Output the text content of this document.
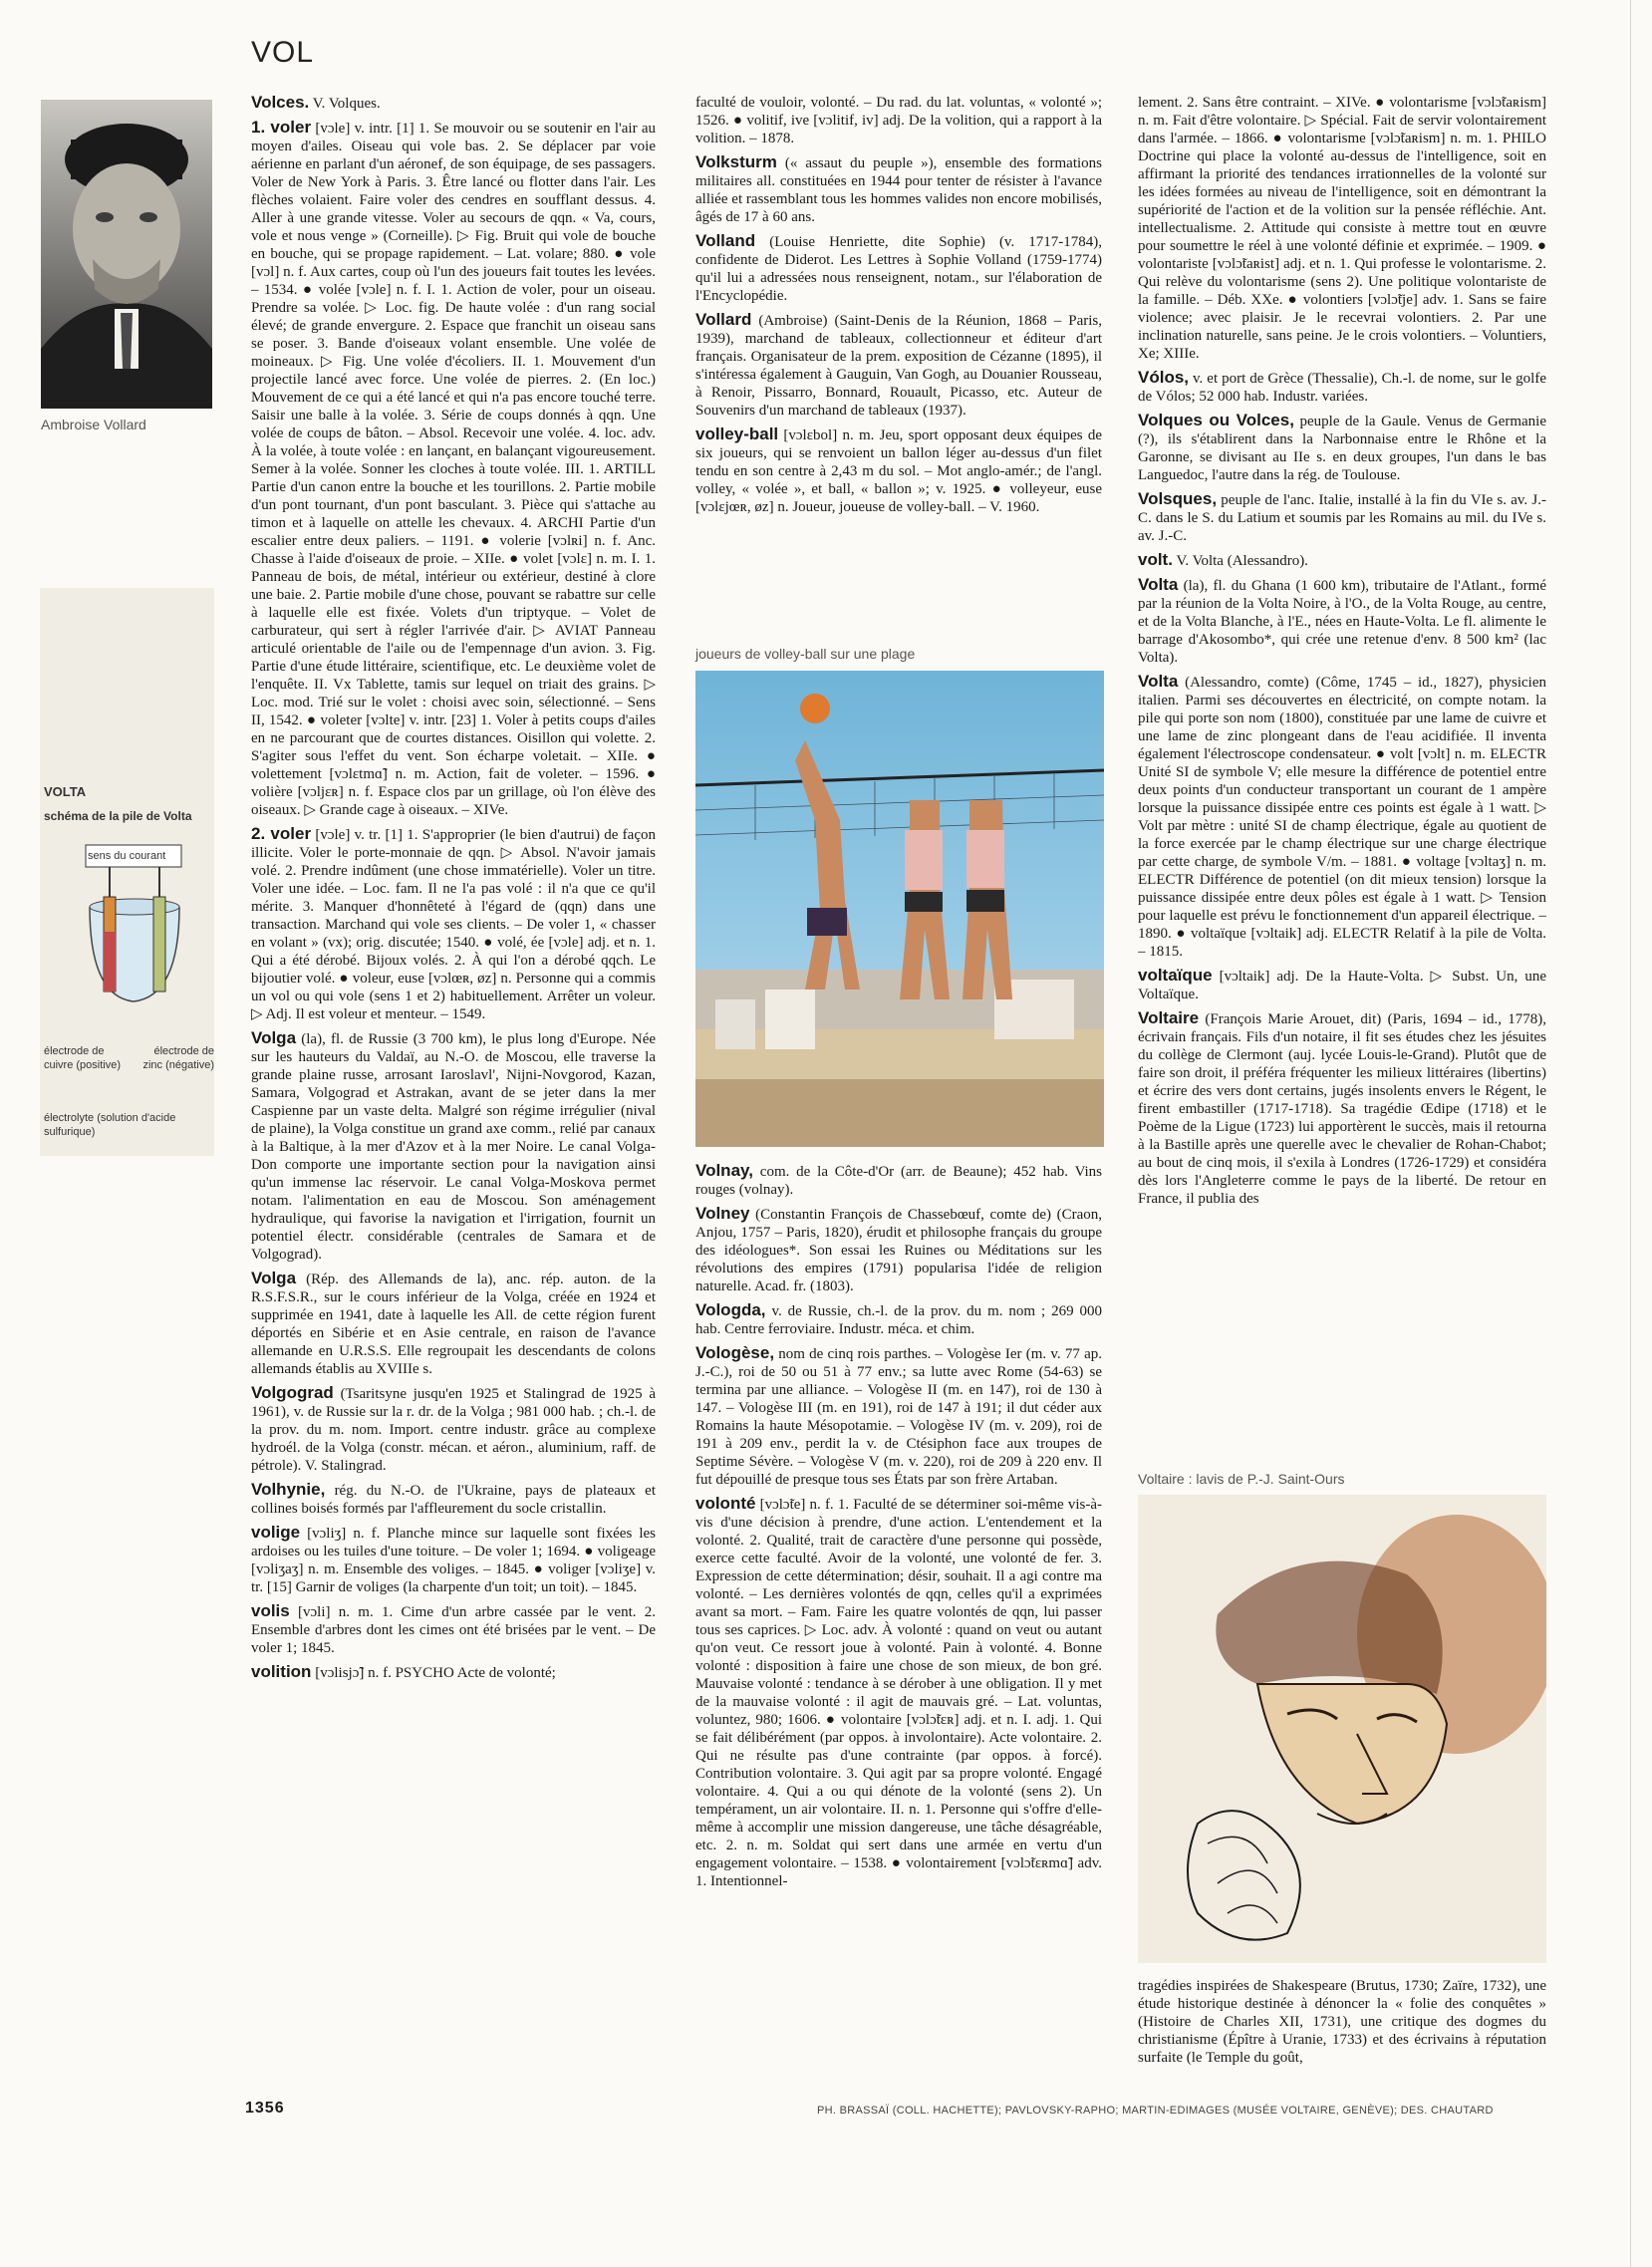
VOL
Ambroise Vollard
VOLTA
schéma de la pile de Volta
sens du courant
électrode de cuivre (positive)
électrode de zinc (négative)
électrolyte (solution d'acide sulfurique)
joueurs de volley-ball sur une plage
Voltaire : lavis de P.-J. Saint-Ours

Volces. V. Volques.

1. voler [vɔle] v. intr. [1] 1. Se mouvoir ou se soutenir en l'air au moyen d'ailes. Oiseau qui vole bas. 2. Se déplacer par voie aérienne en parlant d'un aéronef, de son équipage, de ses passagers. Voler de New York à Paris. 3. Être lancé ou flotter dans l'air. Les flèches volaient. Faire voler des cendres en soufflant dessus. 4. Aller à une grande vitesse. Voler au secours de qqn. « Va, cours, vole et nous venge » (Corneille). ▷ Fig. Bruit qui vole de bouche en bouche, qui se propage rapidement. – Lat. volare; 880. ● vole [vɔl] n. f. Aux cartes, coup où l'un des joueurs fait toutes les levées. – 1534. ● volée [vɔle] n. f. I. 1. Action de voler, pour un oiseau. Prendre sa volée. ▷ Loc. fig. De haute volée : d'un rang social élevé; de grande envergure. 2. Espace que franchit un oiseau sans se poser. 3. Bande d'oiseaux volant ensemble. Une volée de moineaux. ▷ Fig. Une volée d'écoliers. II. 1. Mouvement d'un projectile lancé avec force. Une volée de pierres. 2. (En loc.) Mouvement de ce qui a été lancé et qui n'a pas encore touché terre. Saisir une balle à la volée. 3. Série de coups donnés à qqn. Une volée de coups de bâton. – Absol. Recevoir une volée. 4. loc. adv. À la volée, à toute volée : en lançant, en balançant vigoureusement. Semer à la volée. Sonner les cloches à toute volée. III. 1. ARTILL Partie d'un canon entre la bouche et les tourillons. 2. Partie mobile d'un pont tournant, d'un pont basculant. 3. Pièce qui s'attache au timon et à laquelle on attelle les chevaux. 4. ARCHI Partie d'un escalier entre deux paliers. – 1191. ● volerie [vɔlʀi] n. f. Anc. Chasse à l'aide d'oiseaux de proie. – XIIe. ● volet [vɔlɛ] n. m. I. 1. Panneau de bois, de métal, intérieur ou extérieur, destiné à clore une baie. 2. Partie mobile d'une chose, pouvant se rabattre sur celle à laquelle elle est fixée. Volets d'un triptyque. – Volet de carburateur, qui sert à régler l'arrivée d'air. ▷ AVIAT Panneau articulé orientable de l'aile ou de l'empennage d'un avion. 3. Fig. Partie d'une étude littéraire, scientifique, etc. Le deuxième volet de l'enquête. II. Vx Tablette, tamis sur lequel on triait des grains. ▷ Loc. mod. Trié sur le volet : choisi avec soin, sélectionné. – Sens II, 1542. ● voleter [vɔlte] v. intr. [23] 1. Voler à petits coups d'ailes en ne parcourant que de courtes distances. Oisillon qui volette. 2. S'agiter sous l'effet du vent. Son écharpe voletait. – XIIe. ● volettement [vɔlɛtmɑ̃] n. m. Action, fait de voleter. – 1596. ● volière [vɔljɛʀ] n. f. Espace clos par un grillage, où l'on élève des oiseaux. ▷ Grande cage à oiseaux. – XIVe.

2. voler [vɔle] v. tr. [1] 1. S'approprier (le bien d'autrui) de façon illicite. Voler le porte-monnaie de qqn. ▷ Absol. N'avoir jamais volé. 2. Prendre indûment (une chose immatérielle). Voler un titre. Voler une idée. – Loc. fam. Il ne l'a pas volé : il n'a que ce qu'il mérite. 3. Manquer d'honnêteté à l'égard de (qqn) dans une transaction. Marchand qui vole ses clients. – De voler 1, « chasser en volant » (vx); orig. discutée; 1540. ● volé, ée [vɔle] adj. et n. 1. Qui a été dérobé. Bijoux volés. 2. À qui l'on a dérobé qqch. Le bijoutier volé. ● voleur, euse [vɔlœʀ, øz] n. Personne qui a commis un vol ou qui vole (sens 1 et 2) habituellement. Arrêter un voleur. ▷ Adj. Il est voleur et menteur. – 1549.

Volga (la), fl. de Russie (3 700 km), le plus long d'Europe. Née sur les hauteurs du Valdaï, au N.-O. de Moscou, elle traverse la grande plaine russe, arrosant Iaroslavl', Nijni-Novgorod, Kazan, Samara, Volgograd et Astrakan, avant de se jeter dans la mer Caspienne par un vaste delta. Malgré son régime irrégulier (nival de plaine), la Volga constitue un grand axe comm., relié par canaux à la Baltique, à la mer d'Azov et à la mer Noire. Le canal Volga-Don comporte une importante section pour la navigation ainsi qu'un immense lac réservoir. Le canal Volga-Moskova permet notam. l'alimentation en eau de Moscou. Son aménagement hydraulique, qui favorise la navigation et l'irrigation, fournit un potentiel électr. considérable (centrales de Samara et de Volgograd).

Volga (Rép. des Allemands de la), anc. rép. auton. de la R.S.F.S.R., sur le cours inférieur de la Volga, créée en 1924 et supprimée en 1941, date à laquelle les All. de cette région furent déportés en Sibérie et en Asie centrale, en raison de l'avance allemande en U.R.S.S. Elle regroupait les descendants de colons allemands établis au XVIIIe s.

Volgograd (Tsaritsyne jusqu'en 1925 et Stalingrad de 1925 à 1961), v. de Russie sur la r. dr. de la Volga ; 981 000 hab. ; ch.-l. de la prov. du m. nom. Import. centre industr. grâce au complexe hydroél. de la Volga (constr. mécan. et aéron., aluminium, raff. de pétrole). V. Stalingrad.

Volhynie, rég. du N.-O. de l'Ukraine, pays de plateaux et collines boisés formés par l'affleurement du socle cristallin.

volige [vɔliʒ] n. f. Planche mince sur laquelle sont fixées les ardoises ou les tuiles d'une toiture. – De voler 1; 1694. ● voligeage [vɔliʒaʒ] n. m. Ensemble des voliges. – 1845. ● voliger [vɔliʒe] v. tr. [15] Garnir de voliges (la charpente d'un toit; un toit). – 1845.

volis [vɔli] n. m. 1. Cime d'un arbre cassée par le vent. 2. Ensemble d'arbres dont les cimes ont été brisées par le vent. – De voler 1; 1845.

volition [vɔlisjɔ̃] n. f. PSYCHO Acte de volonté;

faculté de vouloir, volonté. – Du rad. du lat. voluntas, « volonté »; 1526. ● volitif, ive [vɔlitif, iv] adj. De la volition, qui a rapport à la volition. – 1878.

Volksturm (« assaut du peuple »), ensemble des formations militaires all. constituées en 1944 pour tenter de résister à l'avance alliée et rassemblant tous les hommes valides non encore mobilisés, âgés de 17 à 60 ans.

Volland (Louise Henriette, dite Sophie) (v. 1717-1784), confidente de Diderot. Les Lettres à Sophie Volland (1759-1774) qu'il lui a adressées nous renseignent, notam., sur l'élaboration de l'Encyclopédie.

Vollard (Ambroise) (Saint-Denis de la Réunion, 1868 – Paris, 1939), marchand de tableaux, collectionneur et éditeur d'art français. Organisateur de la prem. exposition de Cézanne (1895), il s'intéressa également à Gauguin, Van Gogh, au Douanier Rousseau, à Renoir, Pissarro, Bonnard, Rouault, Picasso, etc. Auteur de Souvenirs d'un marchand de tableaux (1937).

volley-ball [vɔlɛbol] n. m. Jeu, sport opposant deux équipes de six joueurs, qui se renvoient un ballon léger au-dessus d'un filet tendu en son centre à 2,43 m du sol. – Mot anglo-amér.; de l'angl. volley, « volée », et ball, « ballon »; v. 1925. ● volleyeur, euse [vɔlɛjœʀ, øz] n. Joueur, joueuse de volley-ball. – V. 1960.

Volnay, com. de la Côte-d'Or (arr. de Beaune); 452 hab. Vins rouges (volnay).

Volney (Constantin François de Chassebœuf, comte de) (Craon, Anjou, 1757 – Paris, 1820), érudit et philosophe français du groupe des idéologues*. Son essai les Ruines ou Méditations sur les révolutions des empires (1791) popularisa l'idée de religion naturelle. Acad. fr. (1803).

Vologda, v. de Russie, ch.-l. de la prov. du m. nom ; 269 000 hab. Centre ferroviaire. Industr. méca. et chim.

Vologèse, nom de cinq rois parthes. – Vologèse Ier (m. v. 77 ap. J.-C.), roi de 50 ou 51 à 77 env.; sa lutte avec Rome (54-63) se termina par une alliance. – Vologèse II (m. en 147), roi de 130 à 147. – Vologèse III (m. en 191), roi de 147 à 191; il dut céder aux Romains la haute Mésopotamie. – Vologèse IV (m. v. 209), roi de 191 à 209 env., perdit la v. de Ctésiphon face aux troupes de Septime Sévère. – Vologèse V (m. v. 220), roi de 209 à 220 env. Il fut dépouillé de presque tous ses États par son frère Artaban.

volonté [vɔlɔ̃te] n. f. 1. Faculté de se déterminer soi-même vis-à-vis d'une décision à prendre, d'une action. L'entendement et la volonté. 2. Qualité, trait de caractère d'une personne qui possède, exerce cette faculté. Avoir de la volonté, une volonté de fer. 3. Expression de cette détermination; désir, souhait. Il a agi contre ma volonté. – Les dernières volontés de qqn, celles qu'il a exprimées avant sa mort. – Fam. Faire les quatre volontés de qqn, lui passer tous ses caprices. ▷ Loc. adv. À volonté : quand on veut ou autant qu'on veut. Ce ressort joue à volonté. Pain à volonté. 4. Bonne volonté : disposition à faire une chose de son mieux, de bon gré. Mauvaise volonté : tendance à se dérober à une obligation. Il y met de la mauvaise volonté : il agit de mauvais gré. – Lat. voluntas, voluntez, 980; 1606. ● volontaire [vɔlɔ̃tɛʀ] adj. et n. I. adj. 1. Qui se fait délibérément (par oppos. à involontaire). Acte volontaire. 2. Qui ne résulte pas d'une contrainte (par oppos. à forcé). Contribution volontaire. 3. Qui agit par sa propre volonté. Engagé volontaire. 4. Qui a ou qui dénote de la volonté (sens 2). Un tempérament, un air volontaire. II. n. 1. Personne qui s'offre d'elle-même à accomplir une mission dangereuse, une tâche désagréable, etc. 2. n. m. Soldat qui sert dans une armée en vertu d'un engagement volontaire. – 1538. ● volontairement [vɔlɔ̃tɛʀmɑ̃] adv. 1. Intentionnel-

lement. 2. Sans être contraint. – XIVe. ● volontarisme [vɔlɔ̃taʀism] n. m. Fait d'être volontaire. ▷ Spécial. Fait de servir volontairement dans l'armée. – 1866. ● volontarisme [vɔlɔ̃taʀism] n. m. 1. PHILO Doctrine qui place la volonté au-dessus de l'intelligence, soit en affirmant la priorité des tendances irrationnelles de la volonté sur les idées formées au niveau de l'intelligence, soit en démontrant la supériorité de l'action et de la volition sur la pensée réfléchie. Ant. intellectualisme. 2. Attitude qui consiste à mettre tout en œuvre pour soumettre le réel à une volonté définie et exprimée. – 1909. ● volontariste [vɔlɔ̃taʀist] adj. et n. 1. Qui professe le volontarisme. 2. Qui relève du volontarisme (sens 2). Une politique volontariste de la famille. – Déb. XXe. ● volontiers [vɔlɔ̃tje] adv. 1. Sans se faire violence; avec plaisir. Je le recevrai volontiers. 2. Par une inclination naturelle, sans peine. Je le crois volontiers. – Voluntiers, Xe; XIIIe.

Vólos, v. et port de Grèce (Thessalie), Ch.-l. de nome, sur le golfe de Vólos; 52 000 hab. Industr. variées.

Volques ou Volces, peuple de la Gaule. Venus de Germanie (?), ils s'établirent dans la Narbonnaise entre le Rhône et la Garonne, se divisant au IIe s. en deux groupes, l'un dans le bas Languedoc, l'autre dans la rég. de Toulouse.

Volsques, peuple de l'anc. Italie, installé à la fin du VIe s. av. J.-C. dans le S. du Latium et soumis par les Romains au mil. du IVe s. av. J.-C.

volt. V. Volta (Alessandro).

Volta (la), fl. du Ghana (1 600 km), tributaire de l'Atlant., formé par la réunion de la Volta Noire, à l'O., de la Volta Rouge, au centre, et de la Volta Blanche, à l'E., nées en Haute-Volta. Le fl. alimente le barrage d'Akosombo*, qui crée une retenue d'env. 8 500 km² (lac Volta).

Volta (Alessandro, comte) (Côme, 1745 – id., 1827), physicien italien. Parmi ses découvertes en électricité, on compte notam. la pile qui porte son nom (1800), constituée par une lame de cuivre et une lame de zinc plongeant dans de l'eau acidifiée. Il inventa également l'électroscope condensateur. ● volt [vɔlt] n. m. ELECTR Unité SI de symbole V; elle mesure la différence de potentiel entre deux points d'un conducteur transportant un courant de 1 ampère lorsque la puissance dissipée entre ces points est égale à 1 watt. ▷ Volt par mètre : unité SI de champ électrique, égale au quotient de la force exercée par le champ électrique sur une charge électrique par cette charge, de symbole V/m. – 1881. ● voltage [vɔltaʒ] n. m. ELECTR Différence de potentiel (on dit mieux tension) lorsque la puissance dissipée entre deux pôles est égale à 1 watt. ▷ Tension pour laquelle est prévu le fonctionnement d'un appareil électrique. – 1890. ● voltaïque [vɔltaik] adj. ELECTR Relatif à la pile de Volta. – 1815.

voltaïque [vɔltaik] adj. De la Haute-Volta. ▷ Subst. Un, une Voltaïque.

Voltaire (François Marie Arouet, dit) (Paris, 1694 – id., 1778), écrivain français. Fils d'un notaire, il fit ses études chez les jésuites du collège de Clermont (auj. lycée Louis-le-Grand). Plutôt que de faire son droit, il préféra fréquenter les milieux littéraires (libertins) et écrire des vers dont certains, jugés insolents envers le Régent, le firent embastiller (1717-1718). Sa tragédie Œdipe (1718) et le Poème de la Ligue (1723) lui apportèrent le succès, mais il retourna à la Bastille après une querelle avec le chevalier de Rohan-Chabot; au bout de cinq mois, il s'exila à Londres (1726-1729) et considéra dès lors l'Angleterre comme le pays de la liberté. De retour en France, il publia des

tragédies inspirées de Shakespeare (Brutus, 1730; Zaïre, 1732), une étude historique destinée à dénoncer la « folie des conquêtes » (Histoire de Charles XII, 1731), une critique des dogmes du christianisme (Épître à Uranie, 1733) et des écrivains à réputation surfaite (le Temple du goût,

1356	PH. BRASSAÏ (COLL. HACHETTE); PAVLOVSKY-RAPHO; MARTIN-EDIMAGES (MUSÉE VOLTAIRE, GENÈVE); DES. CHAUTARD
